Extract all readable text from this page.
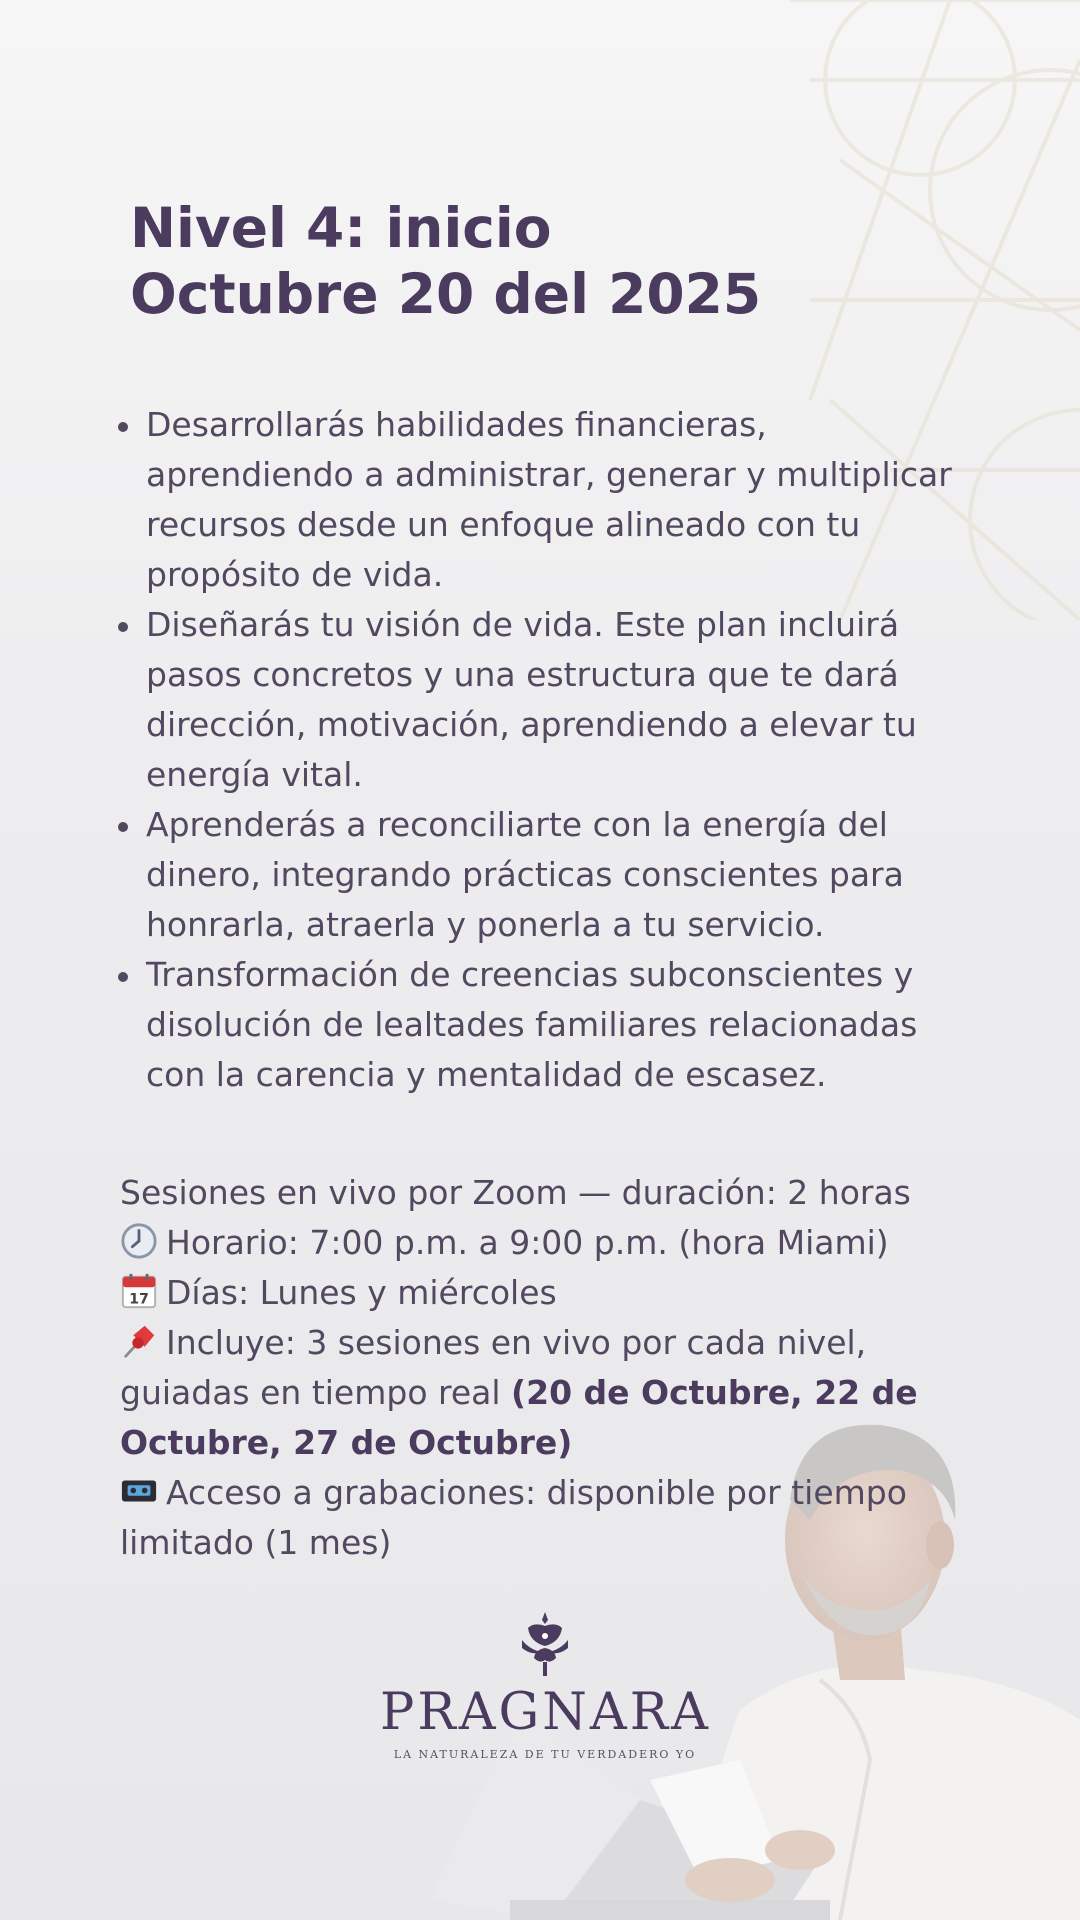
Nivel 4: inicio
Octubre 20 del 2025
Desarrollarás habilidades financieras, aprendiendo a administrar, generar y multiplicar recursos desde un enfoque alineado con tu propósito de vida.
Diseñarás tu visión de vida. Este plan incluirá pasos concretos y una estructura que te dará dirección, motivación, aprendiendo a elevar tu energía vital.
Aprenderás a reconciliarte con la energía del dinero, integrando prácticas conscientes para honrarla, atraerla y ponerla a tu servicio.
Transformación de creencias subconscientes y disolución de lealtades familiares relacionadas con la carencia y mentalidad de escasez.

Sesiones en vivo por Zoom — duración: 2 horas

Horario: 7:00 p.m. a 9:00 p.m. (hora Miami)

17 Días: Lunes y miércoles

Incluye: 3 sesiones en vivo por cada nivel, guiadas en tiempo real (20 de Octubre, 22 de Octubre, 27 de Octubre)

Acceso a grabaciones: disponible por tiempo limitado (1 mes)

PRAGNARA
LA NATURALEZA DE TU VERDADERO YO
